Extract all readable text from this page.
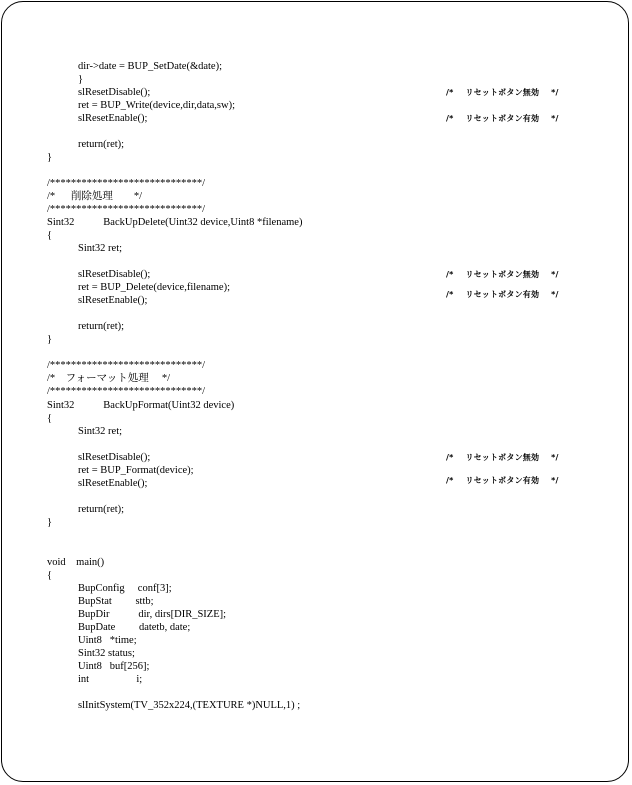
dir->date = BUP_SetDate(&date);
}
slResetDisable();	/*    リセットボタン無効    */
ret = BUP_Write(device,dir,data,sw);
slResetEnable();	/*    リセットボタン有効    */
return(ret);
}
/*****************************/
/*      削除処理        */
/*****************************/
Sint32           BackUpDelete(Uint32 device,Uint8 *filename)
{
Sint32 ret;
slResetDisable();	/*    リセットボタン無効    */
ret = BUP_Delete(device,filename);
/*    リセットボタン有効    */
slResetEnable();
return(ret);
}
/*****************************/
/*    フォーマット処理     */
/*****************************/
Sint32           BackUpFormat(Uint32 device)
{
Sint32 ret;
slResetDisable();	/*    リセットボタン無効    */
ret = BUP_Format(device);
slResetEnable();	/*    リセットボタン有効    */
return(ret);
}
void    main()
{
BupConfig     conf[3];
BupStat         sttb;
BupDir           dir, dirs[DIR_SIZE];
BupDate         datetb, date;
Uint8   *time;
Sint32 status;
Uint8   buf[256];
int                  i;
slInitSystem(TV_352x224,(TEXTURE *)NULL,1) ;
